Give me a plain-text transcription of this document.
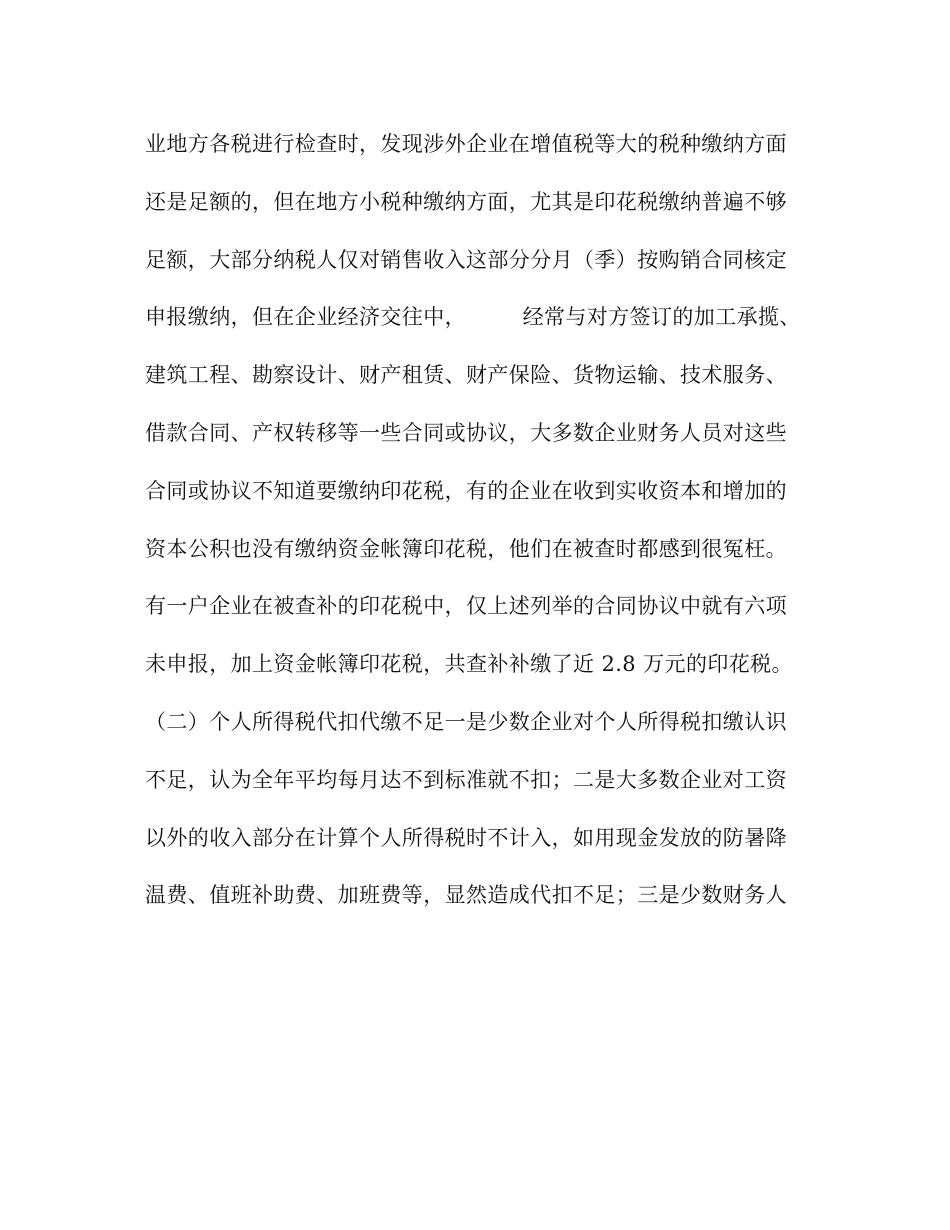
业地方各税进行检查时，发现涉外企业在增值税等大的税种缴纳方面
还是足额的，但在地方小税种缴纳方面，尤其是印花税缴纳普遍不够
足额，大部分纳税人仅对销售收入这部分分月（季）按购销合同核定
申报缴纳，但在企业经济交往中，        经常与对方签订的加工承揽、
建筑工程、勘察设计、财产租赁、财产保险、货物运输、技术服务、
借款合同、产权转移等一些合同或协议，大多数企业财务人员对这些
合同或协议不知道要缴纳印花税，有的企业在收到实收资本和增加的
资本公积也没有缴纳资金帐簿印花税，他们在被查时都感到很冤枉。
有一户企业在被查补的印花税中，仅上述列举的合同协议中就有六项
未申报，加上资金帐簿印花税，共查补补缴了近 2.8 万元的印花税。
（二）个人所得税代扣代缴不足一是少数企业对个人所得税扣缴认识
不足，认为全年平均每月达不到标准就不扣；二是大多数企业对工资
以外的收入部分在计算个人所得税时不计入，如用现金发放的防暑降
温费、值班补助费、加班费等，显然造成代扣不足；三是少数财务人
